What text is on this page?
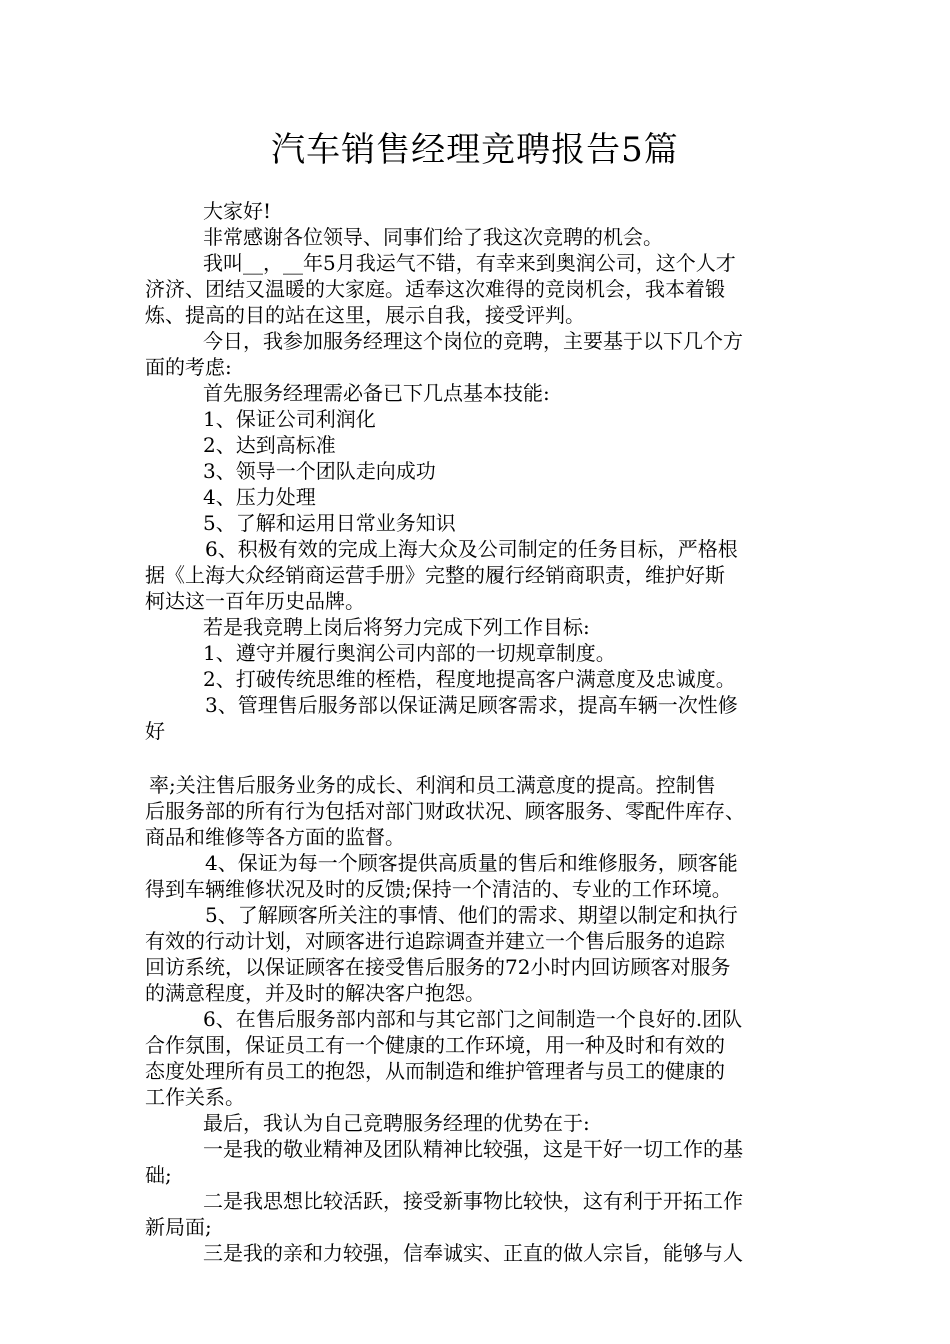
汽车销售经理竞聘报告5篇
大家好!
非常感谢各位领导、同事们给了我这次竞聘的机会。
我叫__，__年5月我运气不错，有幸来到奥润公司，这个人才
济济、团结又温暖的大家庭。适奉这次难得的竞岗机会，我本着锻
炼、提高的目的站在这里，展示自我，接受评判。
今日，我参加服务经理这个岗位的竞聘，主要基于以下几个方
面的考虑:
首先服务经理需必备已下几点基本技能:
1、保证公司利润化
2、达到高标准
3、领导一个团队走向成功
4、压力处理
5、了解和运用日常业务知识
6、积极有效的完成上海大众及公司制定的任务目标，严格根
据《上海大众经销商运营手册》完整的履行经销商职责，维护好斯
柯达这一百年历史品牌。
若是我竞聘上岗后将努力完成下列工作目标:
1、遵守并履行奥润公司内部的一切规章制度。
2、打破传统思维的桎梏，程度地提高客户满意度及忠诚度。
3、管理售后服务部以保证满足顾客需求，提高车辆一次性修
好
率;关注售后服务业务的成长、利润和员工满意度的提高。控制售
后服务部的所有行为包括对部门财政状况、顾客服务、零配件库存、
商品和维修等各方面的监督。
4、保证为每一个顾客提供高质量的售后和维修服务，顾客能
得到车辆维修状况及时的反馈;保持一个清洁的、专业的工作环境。
5、了解顾客所关注的事情、他们的需求、期望以制定和执行
有效的行动计划，对顾客进行追踪调查并建立一个售后服务的追踪
回访系统，以保证顾客在接受售后服务的72小时内回访顾客对服务
的满意程度，并及时的解决客户抱怨。
6、在售后服务部内部和与其它部门之间制造一个良好的.团队
合作氛围，保证员工有一个健康的工作环境，用一种及时和有效的
态度处理所有员工的抱怨，从而制造和维护管理者与员工的健康的
工作关系。
最后，我认为自己竞聘服务经理的优势在于:
一是我的敬业精神及团队精神比较强，这是干好一切工作的基
础;
二是我思想比较活跃，接受新事物比较快，这有利于开拓工作
新局面;
三是我的亲和力较强，信奉诚实、正直的做人宗旨，能够与人
